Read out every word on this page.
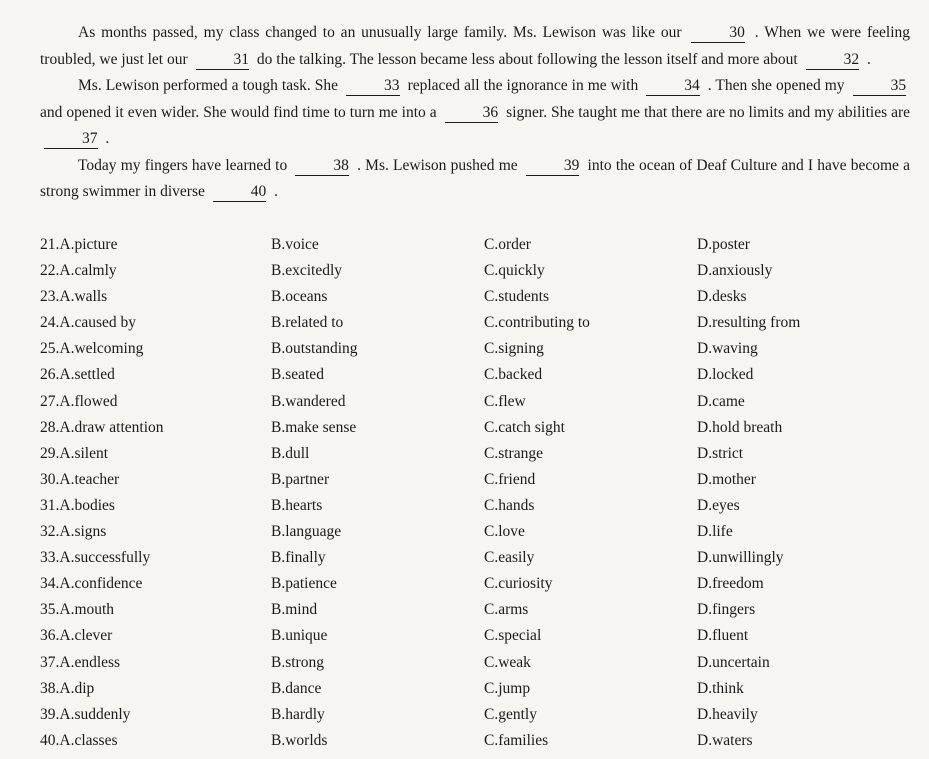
As months passed, my class changed to an unusually large family. Ms. Lewison was like our	30 . When we were feeling troubled, we just let our	31 do the talking. The lesson became less about following the lesson itself and more about	32 .

Ms. Lewison performed a tough task. She	33 replaced all the ignorance in me with	34 . Then she opened my	35 and opened it even wider. She would find time to turn me into a	36 signer. She taught me that there are no limits and my abilities are 37 .

Today my fingers have learned to	38 . Ms. Lewison pushed me	39 into the ocean of Deaf Culture and I have become a strong swimmer in diverse	40 .

21.A.picture	B.voice	C.order	D.poster
22.A.calmly	B.excitedly	C.quickly	D.anxiously
23.A.walls	B.oceans	C.students	D.desks
24.A.caused by	B.related to	C.contributing to	D.resulting from
25.A.welcoming	B.outstanding	C.signing	D.waving
26.A.settled	B.seated	C.backed	D.locked
27.A.flowed	B.wandered	C.flew	D.came
28.A.draw attention	B.make sense	C.catch sight	D.hold breath
29.A.silent	B.dull	C.strange	D.strict
30.A.teacher	B.partner	C.friend	D.mother
31.A.bodies	B.hearts	C.hands	D.eyes
32.A.signs	B.language	C.love	D.life
33.A.successfully	B.finally	C.easily	D.unwillingly
34.A.confidence	B.patience	C.curiosity	D.freedom
35.A.mouth	B.mind	C.arms	D.fingers
36.A.clever	B.unique	C.special	D.fluent
37.A.endless	B.strong	C.weak	D.uncertain
38.A.dip	B.dance	C.jump	D.think
39.A.suddenly	B.hardly	C.gently	D.heavily
40.A.classes	B.worlds	C.families	D.waters
